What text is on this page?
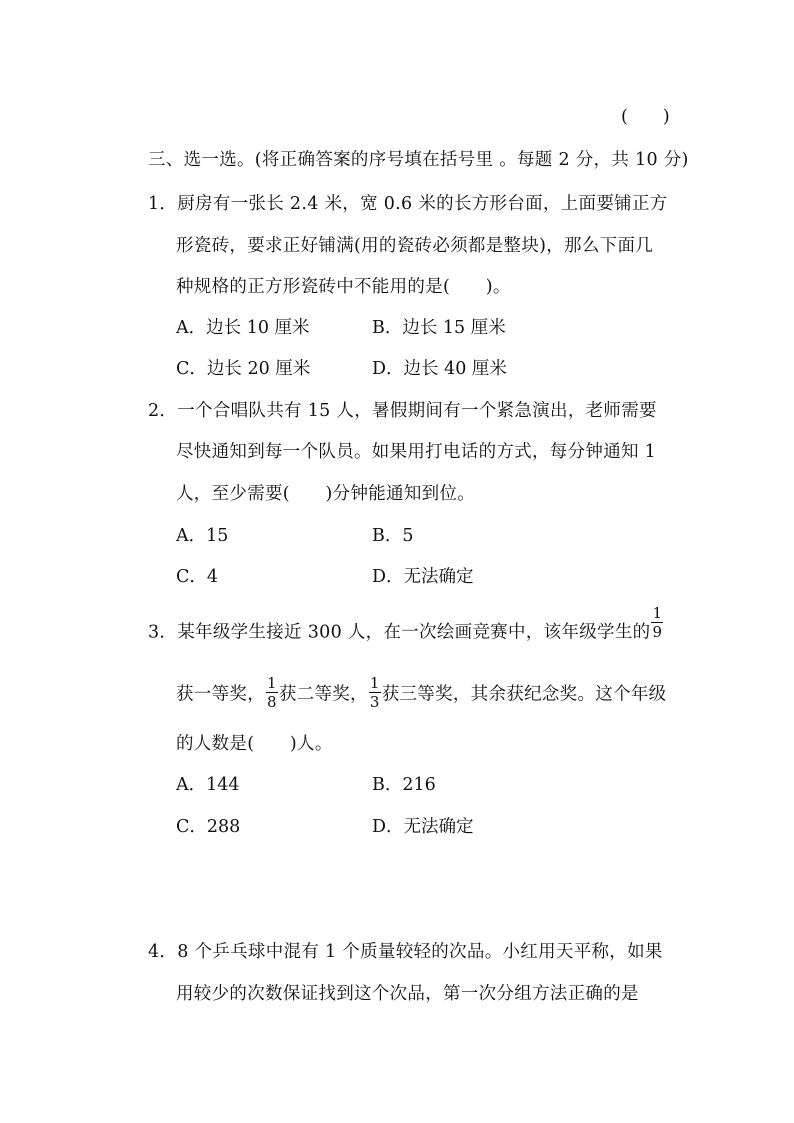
(　　)
三、选一选。(将正确答案的序号填在括号里 。每题 2 分，共 10 分)
1．厨房有一张长 2.4 米，宽 0.6 米的长方形台面，上面要铺正方
形瓷砖，要求正好铺满(用的瓷砖必须都是整块)，那么下面几
种规格的正方形瓷砖中不能用的是(　　)。
A．边长 10 厘米	B．边长 15 厘米
C．边长 20 厘米	D．边长 40 厘米
2．一个合唱队共有 15 人，暑假期间有一个紧急演出，老师需要
尽快通知到每一个队员。如果用打电话的方式，每分钟通知 1
人，至少需要(　　)分钟能通知到位。
A．15	B．5
C．4	D．无法确定
3．某年级学生接近 300 人，在一次绘画竞赛中，该年级学生的 $\frac{1}{9}$
获一等奖， $\frac{1}{8}$ 获二等奖， $\frac{1}{3}$ 获三等奖，其余获纪念奖。这个年级
的人数是(　　)人。
A．144	B．216
C．288	D．无法确定
4．8 个乒乓球中混有 1 个质量较轻的次品。小红用天平称，如果
用较少的次数保证找到这个次品，第一次分组方法正确的是
